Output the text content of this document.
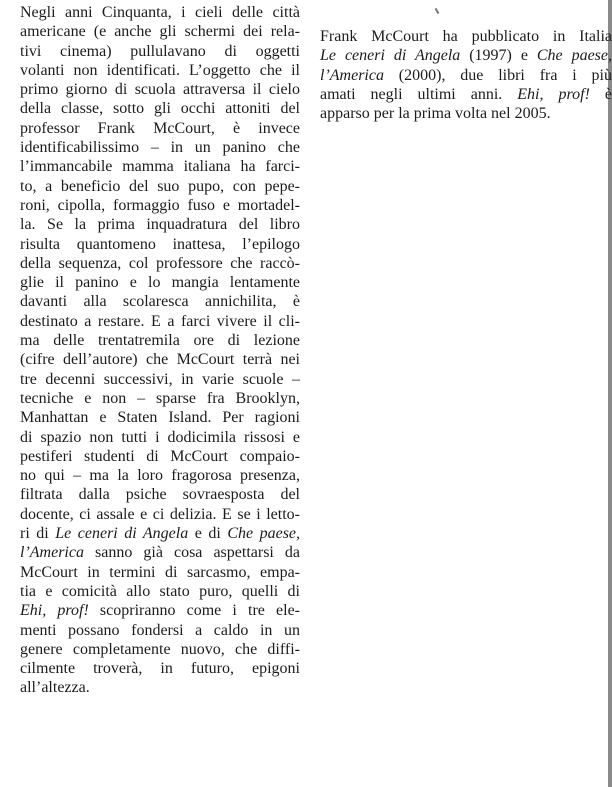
Negli anni Cinquanta, i cieli delle città
americane (e anche gli schermi dei rela-
tivi cinema) pullulavano di oggetti
volanti non identificati. L’oggetto che il
primo giorno di scuola attraversa il cielo
della classe, sotto gli occhi attoniti del
professor Frank McCourt, è invece
identificabilissimo – in un panino che
l’immancabile mamma italiana ha farci-
to, a beneficio del suo pupo, con pepe-
roni, cipolla, formaggio fuso e mortadel-
la. Se la prima inquadratura del libro
risulta quantomeno inattesa, l’epilogo
della sequenza, col professore che raccò-
glie il panino e lo mangia lentamente
davanti alla scolaresca annichilita, è
destinato a restare. E a farci vivere il cli-
ma delle trentatremila ore di lezione
(cifre dell’autore) che McCourt terrà nei
tre decenni successivi, in varie scuole –
tecniche e non – sparse fra Brooklyn,
Manhattan e Staten Island. Per ragioni
di spazio non tutti i dodicimila rissosi e
pestiferi studenti di McCourt compaio-
no qui – ma la loro fragorosa presenza,
filtrata dalla psiche sovraesposta del
docente, ci assale e ci delizia. E se i letto-
ri di Le ceneri di Angela e di Che paese,
l’America sanno già cosa aspettarsi da
McCourt in termini di sarcasmo, empa-
tia e comicità allo stato puro, quelli di
Ehi, prof! scopriranno come i tre ele-
menti possano fondersi a caldo in un
genere completamente nuovo, che diffi-
cilmente troverà, in futuro, epigoni
all’altezza.
Frank McCourt ha pubblicato in Italia
Le ceneri di Angela (1997) e Che paese,
l’America (2000), due libri fra i più
amati negli ultimi anni. Ehi, prof! è
apparso per la prima volta nel 2005.
